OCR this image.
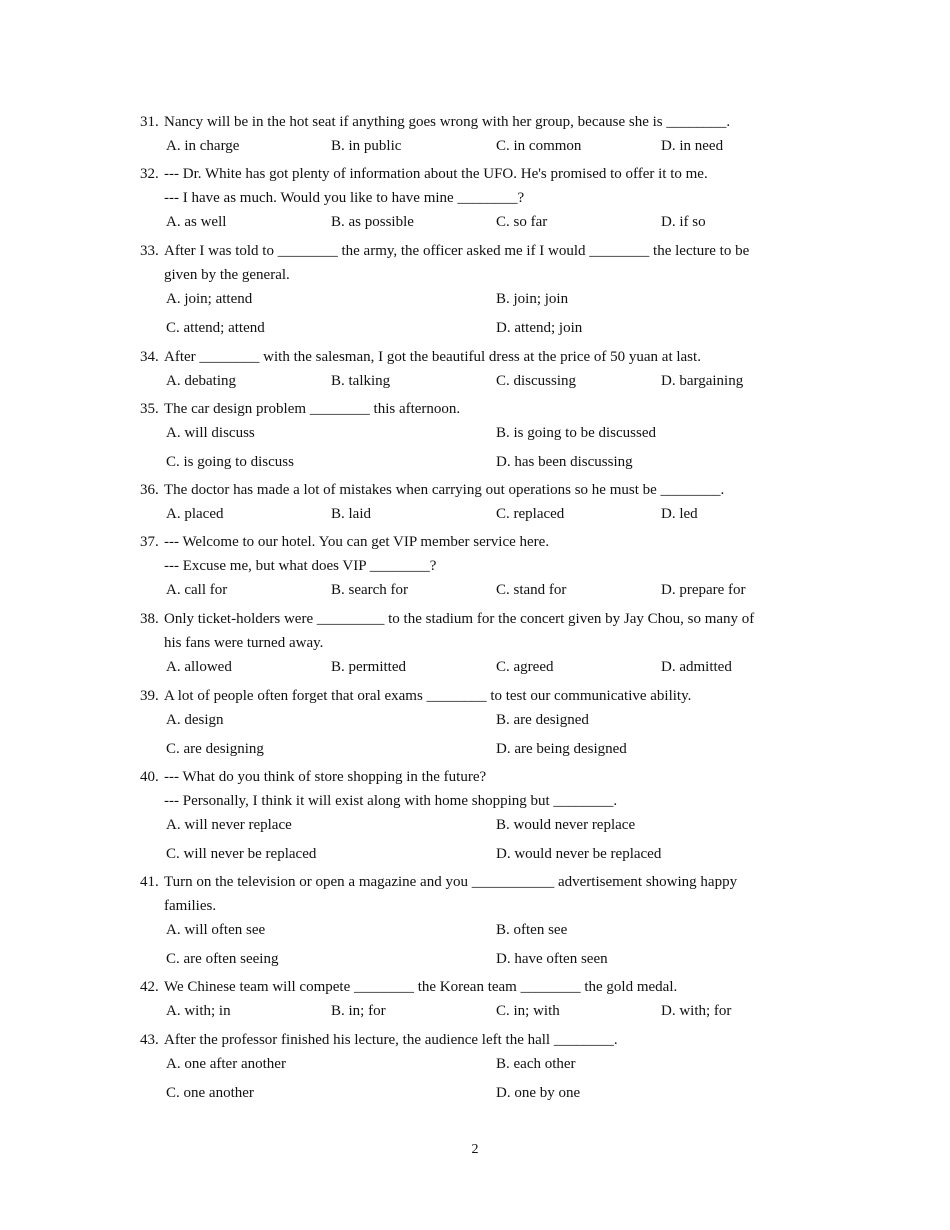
31. Nancy will be in the hot seat if anything goes wrong with her group, because she is ________.
A. in charge	B. in public	C. in common	D. in need
32. --- Dr. White has got plenty of information about the UFO. He's promised to offer it to me.
--- I have as much. Would you like to have mine ________?
A. as well	B. as possible	C. so far	D. if so
33. After I was told to ________ the army, the officer asked me if I would ________ the lecture to be
given by the general.
A. join; attend	B. join; join
C. attend; attend	D. attend; join
34. After ________ with the salesman, I got the beautiful dress at the price of 50 yuan at last.
A. debating	B. talking	C. discussing	D. bargaining
35. The car design problem ________ this afternoon.
A. will discuss	B. is going to be discussed
C. is going to discuss	D. has been discussing
36. The doctor has made a lot of mistakes when carrying out operations so he must be ________.
A. placed	B. laid	C. replaced	D. led
37. --- Welcome to our hotel. You can get VIP member service here.
--- Excuse me, but what does VIP ________?
A. call for	B. search for	C. stand for	D. prepare for
38. Only ticket-holders were _________ to the stadium for the concert given by Jay Chou, so many of
his fans were turned away.
A. allowed	B. permitted	C. agreed	D. admitted
39. A lot of people often forget that oral exams ________ to test our communicative ability.
A. design	B. are designed
C. are designing	D. are being designed
40. --- What do you think of store shopping in the future?
--- Personally, I think it will exist along with home shopping but ________.
A. will never replace	B. would never replace
C. will never be replaced	D. would never be replaced
41. Turn on the television or open a magazine and you ___________ advertisement showing happy
families.
A. will often see	B. often see
C. are often seeing	D. have often seen
42. We Chinese team will compete ________ the Korean team ________ the gold medal.
A. with; in	B. in; for	C. in; with	D. with; for
43. After the professor finished his lecture, the audience left the hall ________.
A. one after another	B. each other
C. one another	D. one by one
2
